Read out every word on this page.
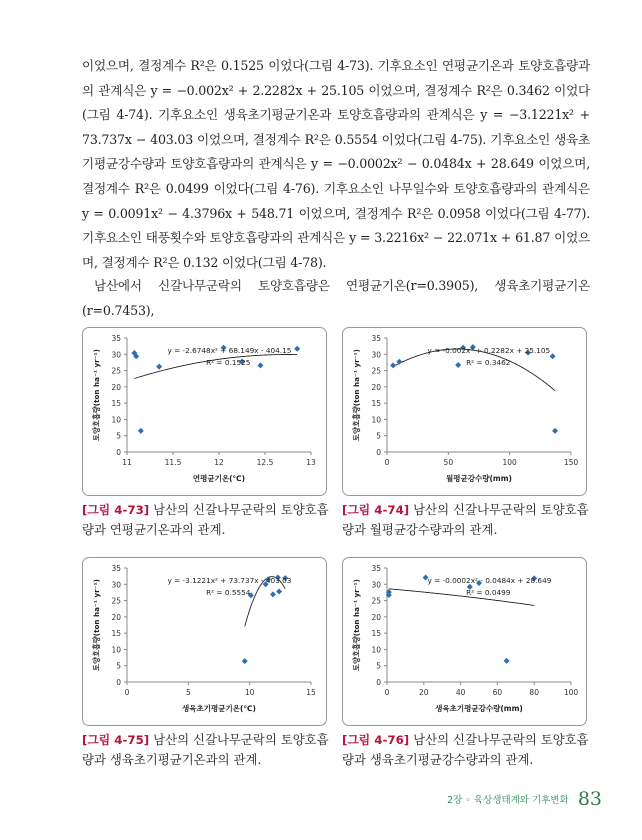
이었으며, 결정계수 R²은 0.1525 이었다(그림 4-73). 기후요소인 연평균기온과 토양호흡량과의 관계식은 y = −0.002x² + 2.2282x + 25.105 이었으며, 결정계수 R²은 0.3462 이었다(그림 4-74). 기후요소인 생육초기평균기온과 토양호흡량과의 관계식은 y = −3.1221x² + 73.737x − 403.03 이었으며, 결정계수 R²은 0.5554 이었다(그림 4-75). 기후요소인 생육초기평균강수량과 토양호흡량과의 관계식은 y = −0.0002x² − 0.0484x + 28.649 이었으며, 결정계수 R²은 0.0499 이었다(그림 4-76). 기후요소인 나무일수와 토양호흡량과의 관계식은 y = 0.0091x² − 4.3796x + 548.71 이었으며, 결정계수 R²은 0.0958 이었다(그림 4-77). 기후요소인 태풍횟수와 토양호흡량과의 관계식은 y = 3.2216x² − 22.071x + 61.87 이었으며, 결정계수 R²은 0.132 이었다(그림 4-78).

남산에서 신갈나무군락의 토양호흡량은 연평균기온(r=0.3905), 생육초기평균기온(r=0.7453),

0
5
10
15
20
25
30
35
11	11.5	12	12.5	13
연평균기온(℃)
토양호흡량(ton ha⁻¹ yr⁻¹)	y = -2.6748x² + 68.149x - 404.15
R² = 0.1525
0
5
10
15
20
25
30
35
0	50	100	150
월평균강수량(mm)
토양호흡량(ton ha⁻¹ yr⁻¹)	y = -0.002x² + 0.2282x + 25.105
R² = 0.3462
0
5
10
15
20
25
30
35
0	5	10	15
생육초기평균기온(℃)
토양호흡량(ton ha⁻¹ yr⁻¹)	y = -3.1221x² + 73.737x - 403.03
R² = 0.5554
0
5
10
15
20
25
30
35
0	20	40	60	80	100
생육초기평균강수량(mm)
토양호흡량(ton ha⁻¹ yr⁻¹)	y = -0.0002x² - 0.0484x + 28.649
R² = 0.0499
[그림 4-73] 남산의 신갈나무군락의 토양호흡량과 연평균기온과의 관계.
[그림 4-74] 남산의 신갈나무군락의 토양호흡량과 월평균강수량과의 관계.
[그림 4-75] 남산의 신갈나무군락의 토양호흡량과 생육초기평균기온과의 관계.
[그림 4-76] 남산의 신갈나무군락의 토양호흡량과 생육초기평균강수량과의 관계.
2장 ◦ 육상생태계와 기후변화 83
